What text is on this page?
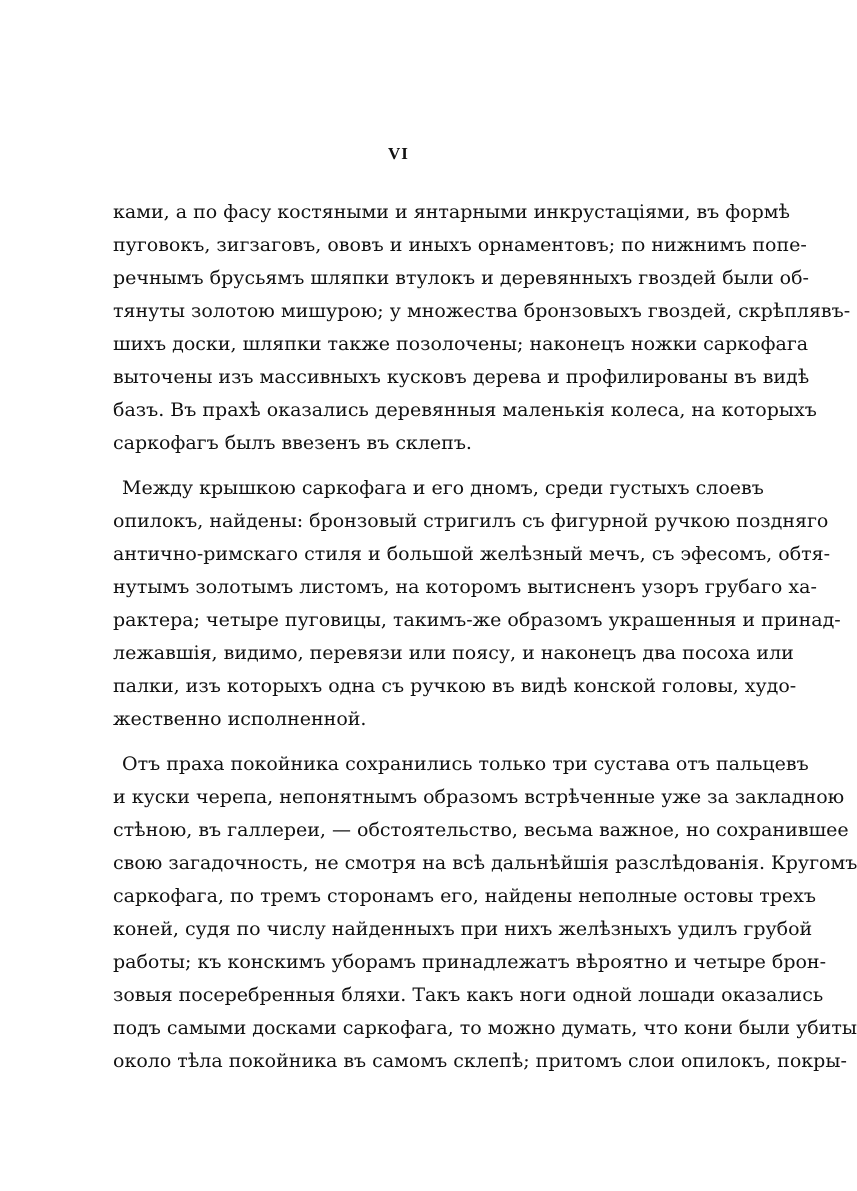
VI
ками, а по фасу костяными и янтарными инкрустаціями, въ формѣ
пуговокъ, зигзаговъ, ововъ и иныхъ орнаментовъ; по нижнимъ попе-
речнымъ брусьямъ шляпки втулокъ и деревянныхъ гвоздей были об-
тянуты золотою мишурою; у множества бронзовыхъ гвоздей, скрѣплявъ-
шихъ доски, шляпки также позолочены; наконецъ ножки саркофага
выточены изъ массивныхъ кусковъ дерева и профилированы въ видѣ
базъ. Въ прахѣ оказались деревянныя маленькія колеса, на которыхъ
саркофагъ былъ ввезенъ въ склепъ.
Между крышкою саркофага и его дномъ, среди густыхъ слоевъ
опилокъ, найдены: бронзовый стригилъ съ фигурной ручкою поздняго
антично-римскаго стиля и большой желѣзный мечъ, съ эфесомъ, обтя-
нутымъ золотымъ листомъ, на которомъ вытисненъ узоръ грубаго ха-
рактера; четыре пуговицы, такимъ-же образомъ украшенныя и принад-
лежавшія, видимо, перевязи или поясу, и наконецъ два посоха или
палки, изъ которыхъ одна съ ручкою въ видѣ конской головы, худо-
жественно исполненной.
Отъ праха покойника сохранились только три сустава отъ пальцевъ
и куски черепа, непонятнымъ образомъ встрѣченные уже за закладною
стѣною, въ галлереи, — обстоятельство, весьма важное, но сохранившее
свою загадочность, не смотря на всѣ дальнѣйшія разслѣдованія. Кругомъ
саркофага, по тремъ сторонамъ его, найдены неполные остовы трехъ
коней, судя по числу найденныхъ при нихъ желѣзныхъ удилъ грубой
работы; къ конскимъ уборамъ принадлежатъ вѣроятно и четыре брон-
зовыя посеребренныя бляхи. Такъ какъ ноги одной лошади оказались
подъ самыми досками саркофага, то можно думать, что кони были убиты
около тѣла покойника въ самомъ склепѣ; притомъ слои опилокъ, покры-
